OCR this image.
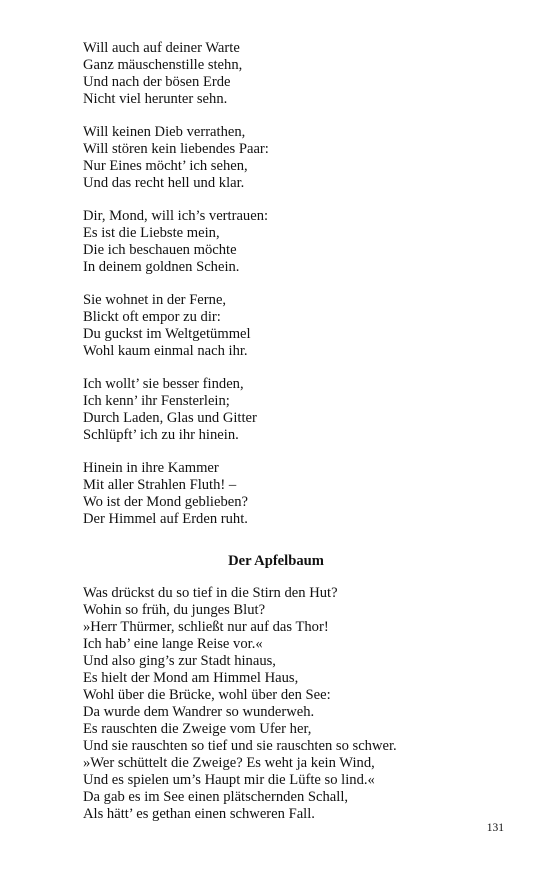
Will auch auf deiner Warte
Ganz mäuschenstille stehn,
Und nach der bösen Erde
Nicht viel herunter sehn.
Will keinen Dieb verrathen,
Will stören kein liebendes Paar:
Nur Eines möcht’ ich sehen,
Und das recht hell und klar.
Dir, Mond, will ich’s vertrauen:
Es ist die Liebste mein,
Die ich beschauen möchte
In deinem goldnen Schein.
Sie wohnet in der Ferne,
Blickt oft empor zu dir:
Du guckst im Weltgetümmel
Wohl kaum einmal nach ihr.
Ich wollt’ sie besser finden,
Ich kenn’ ihr Fensterlein;
Durch Laden, Glas und Gitter
Schlüpft’ ich zu ihr hinein.
Hinein in ihre Kammer
Mit aller Strahlen Fluth! –
Wo ist der Mond geblieben?
Der Himmel auf Erden ruht.
Der Apfelbaum
Was drückst du so tief in die Stirn den Hut?
Wohin so früh, du junges Blut?
»Herr Thürmer, schließt nur auf das Thor!
Ich hab’ eine lange Reise vor.«
Und also ging’s zur Stadt hinaus,
Es hielt der Mond am Himmel Haus,
Wohl über die Brücke, wohl über den See:
Da wurde dem Wandrer so wunderweh.
Es rauschten die Zweige vom Ufer her,
Und sie rauschten so tief und sie rauschten so schwer.
»Wer schüttelt die Zweige? Es weht ja kein Wind,
Und es spielen um’s Haupt mir die Lüfte so lind.«
Da gab es im See einen plätschernden Schall,
Als hätt’ es gethan einen schweren Fall.
131
